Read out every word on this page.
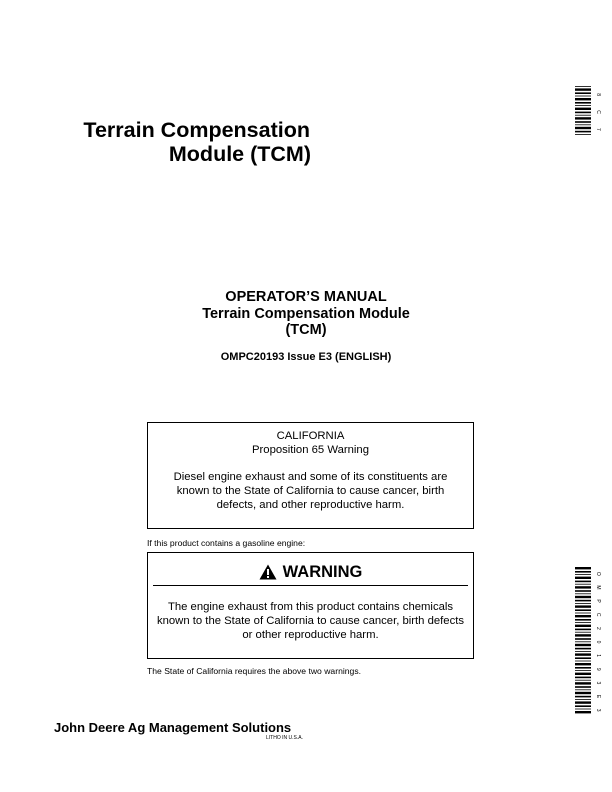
Terrain Compensation
Module (TCM)
OPERATOR’S MANUAL
Terrain Compensation Module
(TCM)
OMPC20193 Issue E3 (ENGLISH)
CALIFORNIA
Proposition 65 Warning
Diesel engine exhaust and some of its constituents are known to the State of California to cause cancer, birth defects, and other reproductive harm.
If this product contains a gasoline engine:
WARNING
The engine exhaust from this product contains chemicals known to the State of California to cause cancer, birth defects or other reproductive harm.
The State of California requires the above two warnings.
John Deere Ag Management Solutions
LITHO IN U.S.A.
8
C
7
O
M
P
C
2
0
1
9
3
E
3
